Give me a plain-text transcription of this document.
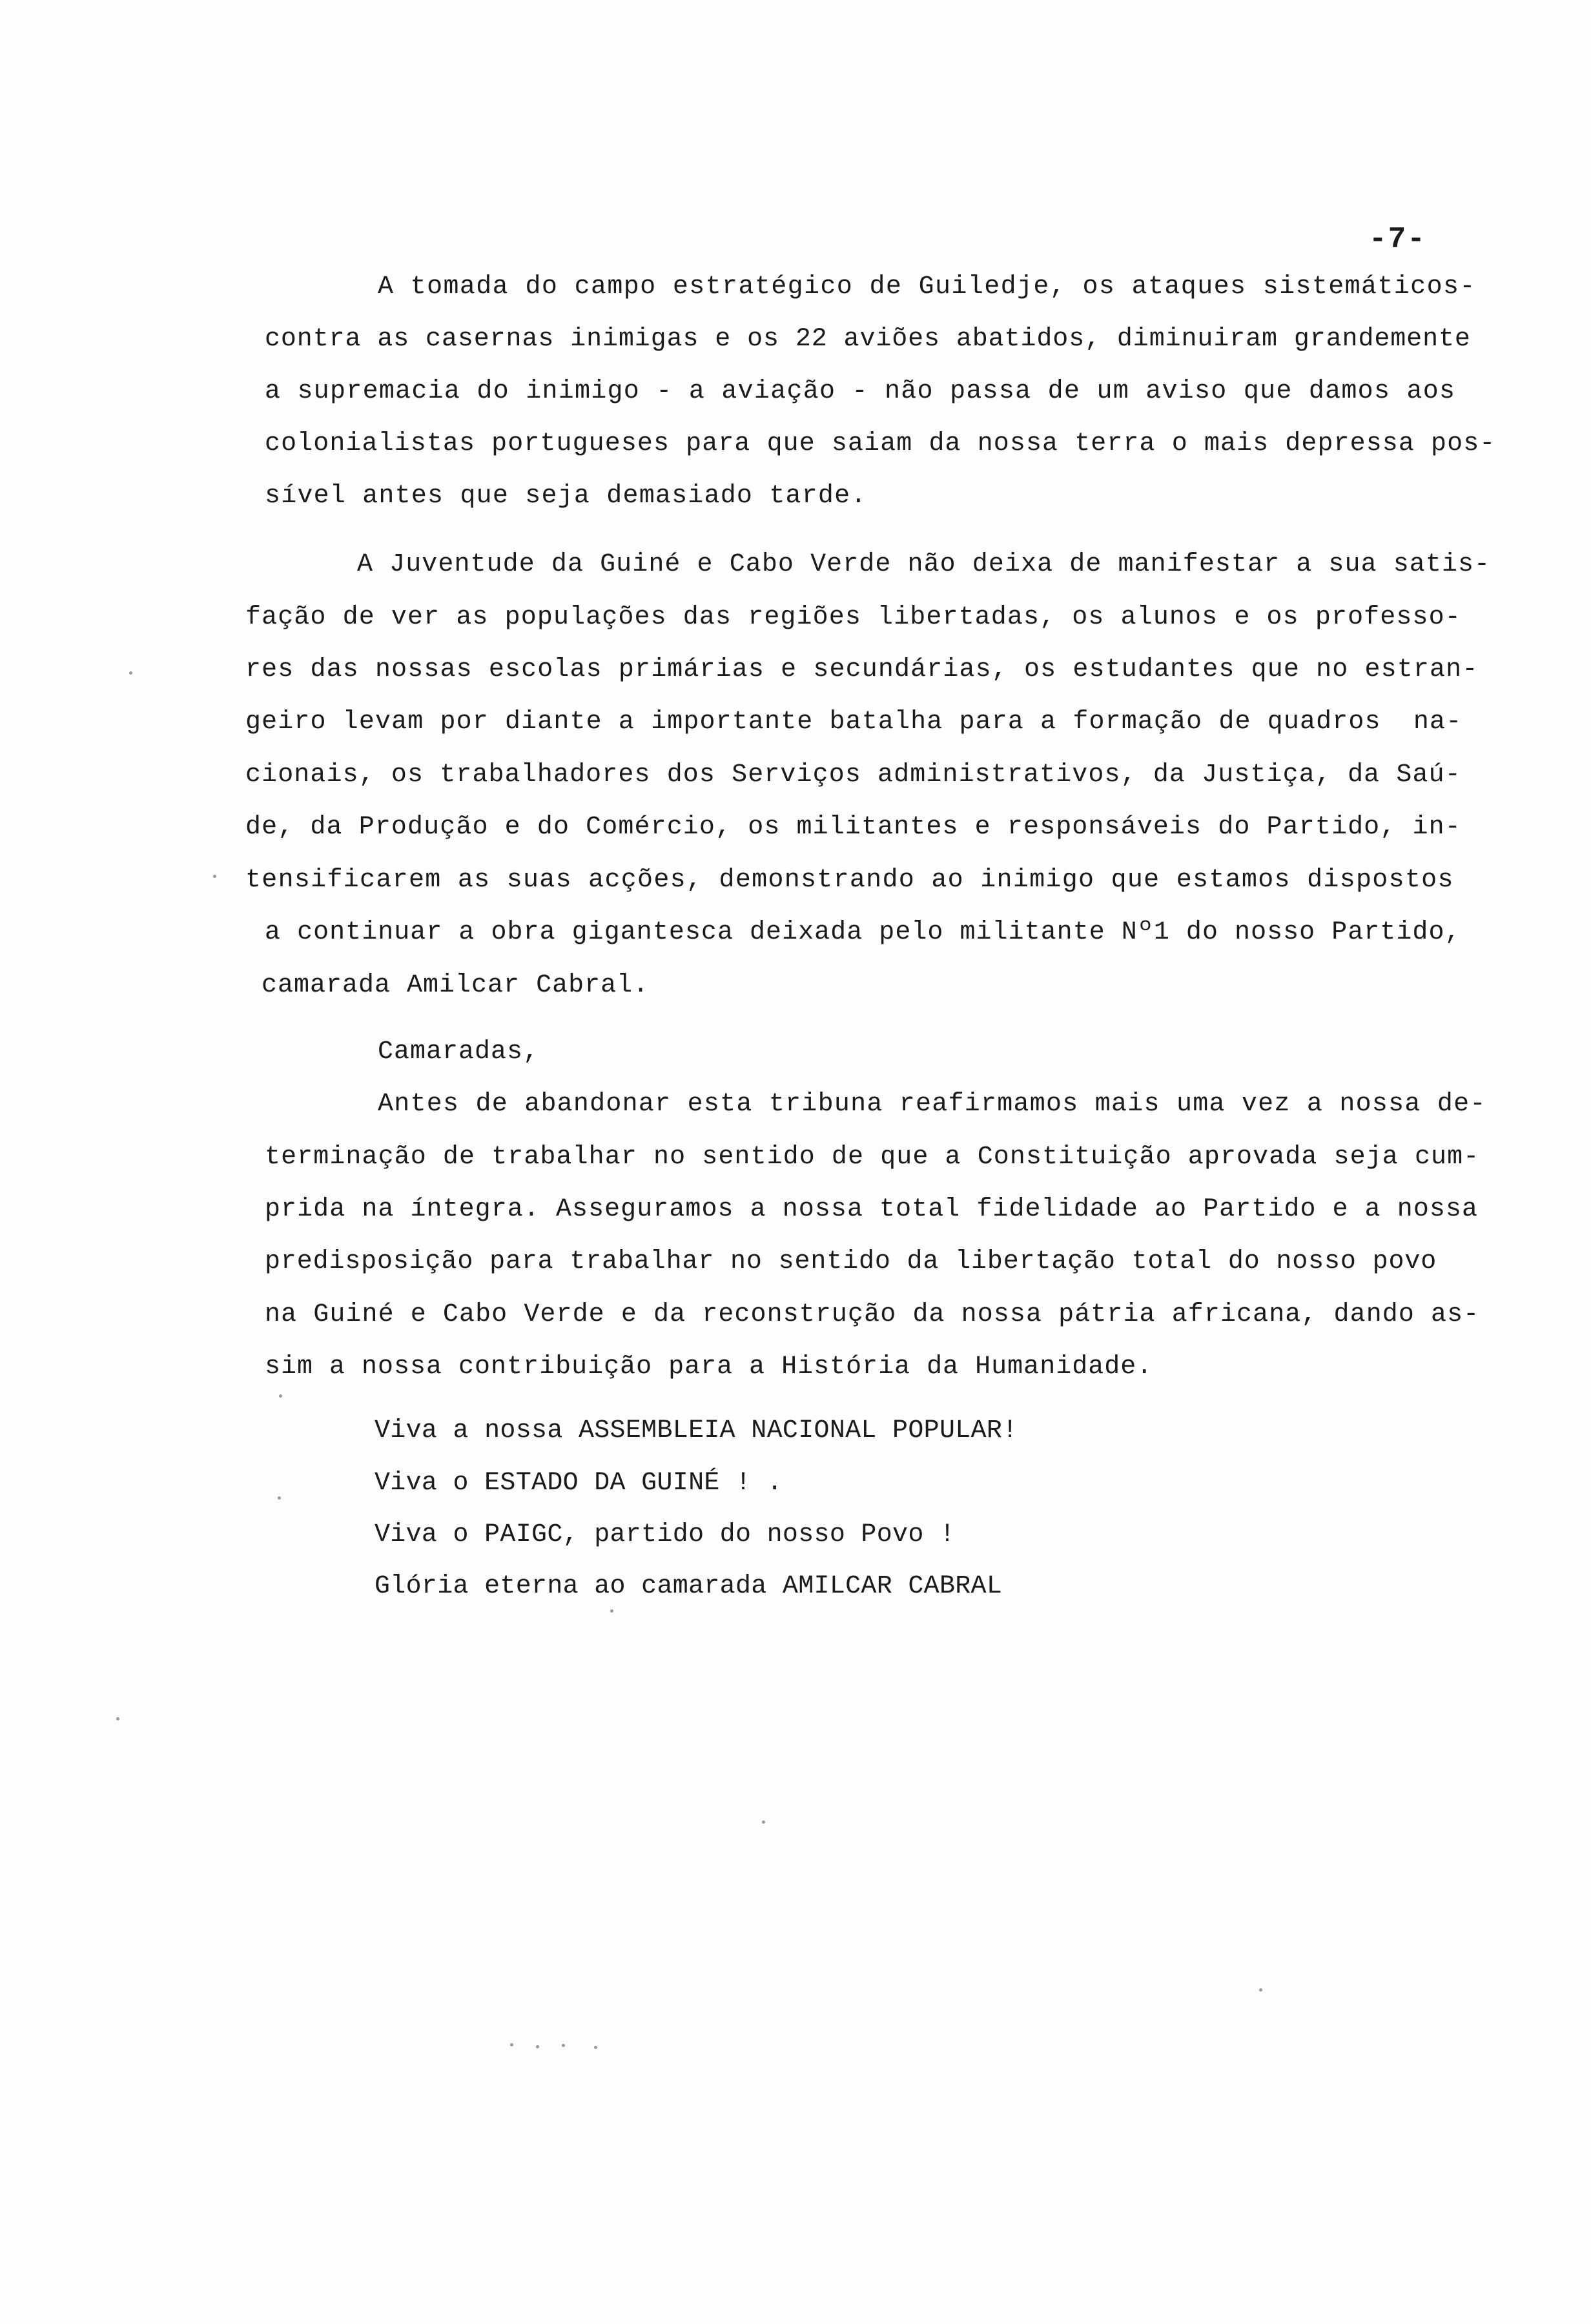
-7-

A tomada do campo estratégico de Guiledje, os ataques sistemáticos-

contra as casernas inimigas e os 22 aviões abatidos, diminuiram grandemente

a supremacia do inimigo - a aviação - não passa de um aviso que damos aos

colonialistas portugueses para que saiam da nossa terra o mais depressa pos-

sível antes que seja demasiado tarde.

A Juventude da Guiné e Cabo Verde não deixa de manifestar a sua satis-

fação de ver as populações das regiões libertadas, os alunos e os professo-

res das nossas escolas primárias e secundárias, os estudantes que no estran-

geiro levam por diante a importante batalha para a formação de quadros  na-

cionais, os trabalhadores dos Serviços administrativos, da Justiça, da Saú-

de, da Produção e do Comércio, os militantes e responsáveis do Partido, in-

tensificarem as suas acções, demonstrando ao inimigo que estamos dispostos

a continuar a obra gigantesca deixada pelo militante Nº1 do nosso Partido,

camarada Amilcar Cabral.

Camaradas,

Antes de abandonar esta tribuna reafirmamos mais uma vez a nossa de-

terminação de trabalhar no sentido de que a Constituição aprovada seja cum-

prida na íntegra. Asseguramos a nossa total fidelidade ao Partido e a nossa

predisposição para trabalhar no sentido da libertação total do nosso povo

na Guiné e Cabo Verde e da reconstrução da nossa pátria africana, dando as-

sim a nossa contribuição para a História da Humanidade.

Viva a nossa ASSEMBLEIA NACIONAL POPULAR!

Viva o ESTADO DA GUINÉ ! .

Viva o PAIGC, partido do nosso Povo !

Glória eterna ao camarada AMILCAR CABRAL
